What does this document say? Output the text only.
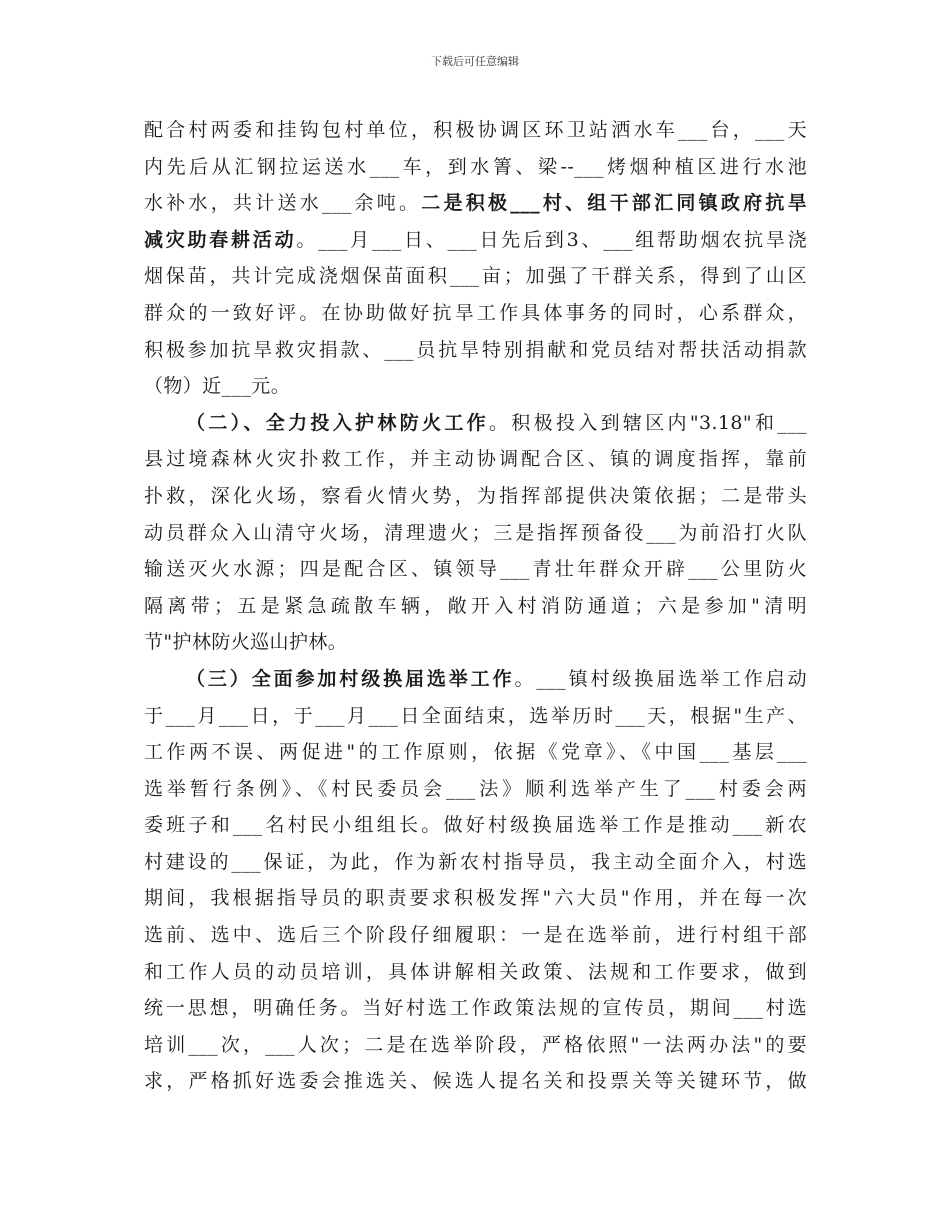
下载后可任意编辑
配合村两委和挂钩包村单位，积极协调区环卫站洒水车___台，___天
内先后从汇钢拉运送水___车，到水箐、梁--___烤烟种植区进行水池
水补水，共计送水___余吨。二是积极___村、组干部汇同镇政府抗旱
减灾助春耕活动。___月___日、___日先后到3、___组帮助烟农抗旱浇
烟保苗，共计完成浇烟保苗面积___亩；加强了干群关系，得到了山区
群众的一致好评。在协助做好抗旱工作具体事务的同时，心系群众，
积极参加抗旱救灾捐款、___员抗旱特别捐献和党员结对帮扶活动捐款
（物）近___元。
（二）、全力投入护林防火工作。积极投入到辖区内"3.18"和___
县过境森林火灾扑救工作，并主动协调配合区、镇的调度指挥，靠前
扑救，深化火场，察看火情火势，为指挥部提供决策依据；二是带头
动员群众入山清守火场，清理遗火；三是指挥预备役___为前沿打火队
输送灭火水源；四是配合区、镇领导___青壮年群众开辟___公里防火
隔离带；五是紧急疏散车辆，敞开入村消防通道；六是参加"清明
节"护林防火巡山护林。
（三）全面参加村级换届选举工作。___镇村级换届选举工作启动
于___月___日，于___月___日全面结束，选举历时___天，根据"生产、
工作两不误、两促进"的工作原则，依据《党章》、《中国___基层___
选举暂行条例》、《村民委员会___法》顺利选举产生了___村委会两
委班子和___名村民小组组长。做好村级换届选举工作是推动___新农
村建设的___保证，为此，作为新农村指导员，我主动全面介入，村选
期间，我根据指导员的职责要求积极发挥"六大员"作用，并在每一次
选前、选中、选后三个阶段仔细履职：一是在选举前，进行村组干部
和工作人员的动员培训，具体讲解相关政策、法规和工作要求，做到
统一思想，明确任务。当好村选工作政策法规的宣传员，期间___村选
培训___次，___人次；二是在选举阶段，严格依照"一法两办法"的要
求，严格抓好选委会推选关、候选人提名关和投票关等关键环节，做
